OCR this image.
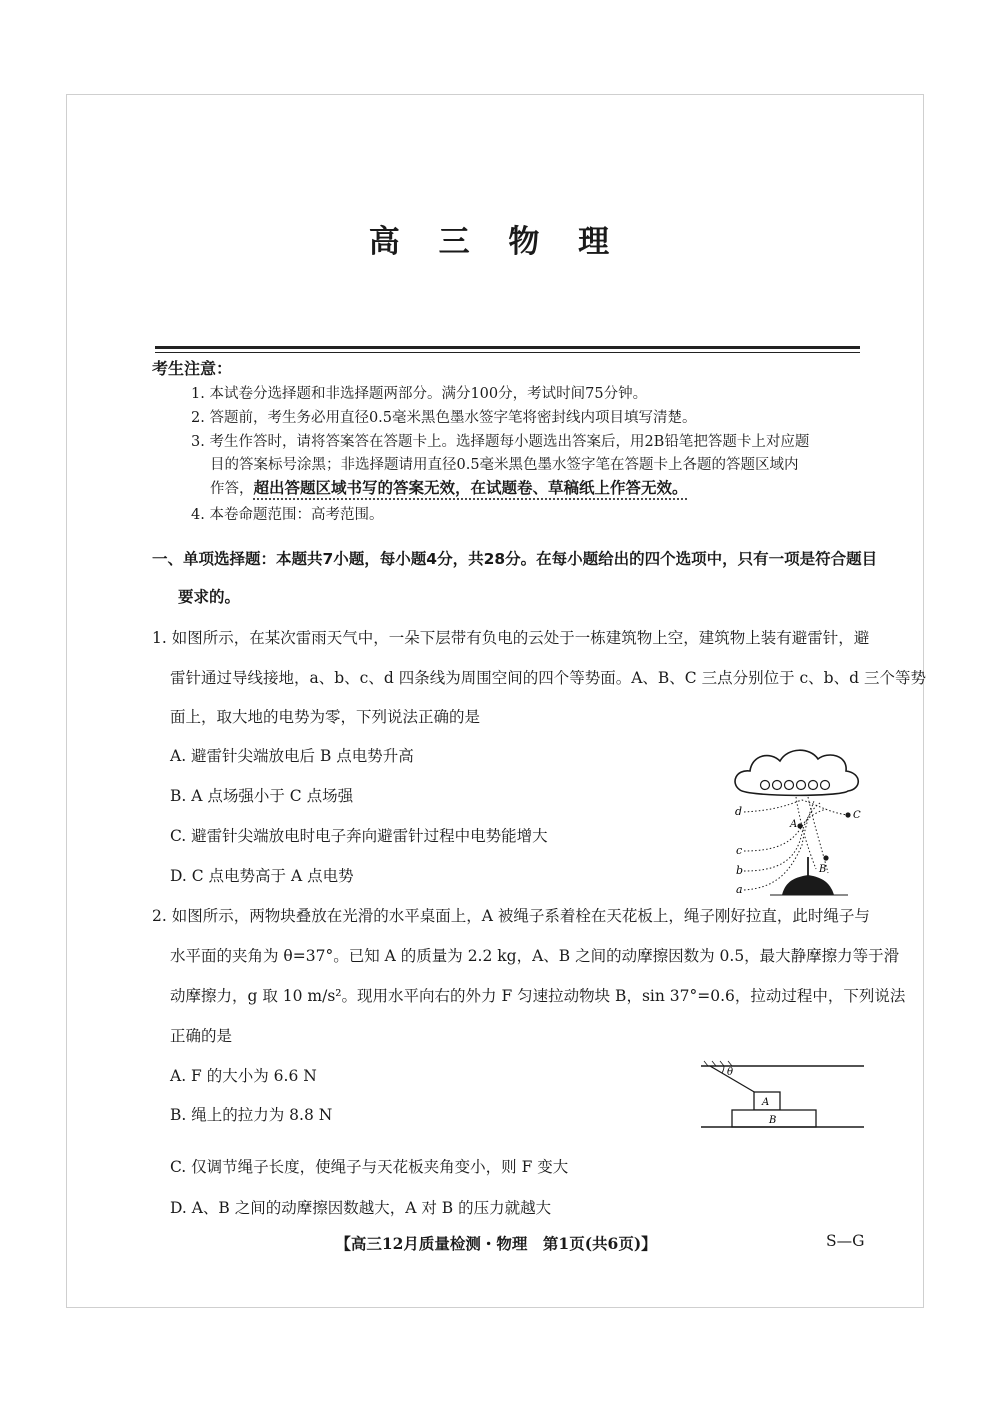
高 三 物 理
考生注意：
1. 本试卷分选择题和非选择题两部分。满分100分，考试时间75分钟。
2. 答题前，考生务必用直径0.5毫米黑色墨水签字笔将密封线内项目填写清楚。
3. 考生作答时，请将答案答在答题卡上。选择题每小题选出答案后，用2B铅笔把答题卡上对应题
目的答案标号涂黑；非选择题请用直径0.5毫米黑色墨水签字笔在答题卡上各题的答题区域内
作答，超出答题区域书写的答案无效，在试题卷、草稿纸上作答无效。
4. 本卷命题范围：高考范围。
一、单项选择题：本题共7小题，每小题4分，共28分。在每小题给出的四个选项中，只有一项是符合题目
要求的。
1. 如图所示，在某次雷雨天气中，一朵下层带有负电的云处于一栋建筑物上空，建筑物上装有避雷针，避
雷针通过导线接地，a、b、c、d 四条线为周围空间的四个等势面。A、B、C 三点分别位于 c、b、d 三个等势
面上，取大地的电势为零，下列说法正确的是
A. 避雷针尖端放电后 B 点电势升高
B. A 点场强小于 C 点场强
C. 避雷针尖端放电时电子奔向避雷针过程中电势能增大
D. C 点电势高于 A 点电势
d
c
b
a
A
B
C
2. 如图所示，两物块叠放在光滑的水平桌面上，A 被绳子系着栓在天花板上，绳子刚好拉直，此时绳子与
水平面的夹角为 θ=37°。已知 A 的质量为 2.2 kg，A、B 之间的动摩擦因数为 0.5，最大静摩擦力等于滑
动摩擦力，g 取 10 m/s²。现用水平向右的外力 F 匀速拉动物块 B，sin 37°=0.6，拉动过程中，下列说法
正确的是
A. F 的大小为 6.6 N
B. 绳上的拉力为 8.8 N
C. 仅调节绳子长度，使绳子与天花板夹角变小，则 F 变大
D. A、B 之间的动摩擦因数越大，A 对 B 的压力就越大
θ
A
B
【高三12月质量检测・物理　第1页(共6页)】	S—G
